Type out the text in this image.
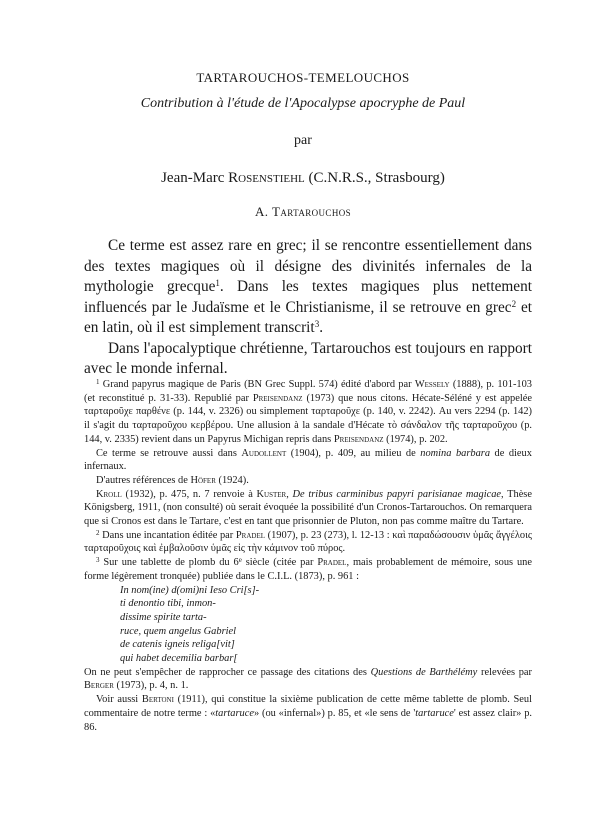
TARTAROUCHOS-TEMELOUCHOS
Contribution à l'étude de l'Apocalypse apocryphe de Paul
par
Jean-Marc Rosenstiehl (C.N.R.S., Strasbourg)
A. Tartarouchos

Ce terme est assez rare en grec; il se rencontre essentiellement dans des textes magiques où il désigne des divinités infernales de la mythologie grecque$^1$. Dans les textes magiques plus nettement influencés par le Judaïsme et le Christianisme, il se retrouve en grec$^2$ et en latin, où il est simplement transcrit$^3$.

Dans l'apocalyptique chrétienne, Tartarouchos est toujours en rapport avec le monde infernal.

$^1$ Grand papyrus magique de Paris (BN Grec Suppl. 574) édité d'abord par Wessely (1888), p. 101-103 (et reconstitué p. 31-33). Republié par Preisendanz (1973) que nous citons. Hécate-Séléné y est appelée ταρταροῦχε παρθένε (p. 144, v. 2326) ou simplement ταρταροῦχε (p. 140, v. 2242). Au vers 2294 (p. 142) il s'agit du ταρταροῦχου κερβέρου. Une allusion à la sandale d'Hécate τὸ σάνδαλον τῆς ταρταροῦχου (p. 144, v. 2335) revient dans un Papyrus Michigan repris dans Preisendanz (1974), p. 202.

Ce terme se retrouve aussi dans Audollent (1904), p. 409, au milieu de nomina barbara de dieux infernaux.

D'autres références de Höfer (1924).

Kroll (1932), p. 475, n. 7 renvoie à Kuster, De tribus carminibus papyri parisianae magicae, Thèse Königsberg, 1911, (non consulté) où serait évoquée la possibilité d'un Cronos-Tartarouchos. On remarquera que si Cronos est dans le Tartare, c'est en tant que prisonnier de Pluton, non pas comme maître du Tartare.

$^2$ Dans une incantation éditée par Pradel (1907), p. 23 (273), l. 12-13 : καὶ παραδώσουσιν ὑμᾶς ἄγγέλοις ταρταροῦχοις καὶ ἐμβαλοῦσιν ὑμᾶς εἰς τὴν κάμινον τοῦ πύρος.

$^3$ Sur une tablette de plomb du 6e siècle (citée par Pradel, mais probablement de mémoire, sous une forme légèrement tronquée) publiée dans le C.I.L. (1873), p. 961 :

In nom(ine) d(omi)ni Ieso Cri[s]-
ti denontio tibi, inmon-
dissime spirite tarta-
ruce, quem angelus Gabriel
de catenis igneis religa[vit]
qui habet decemilia barbar[

On ne peut s'empêcher de rapprocher ce passage des citations des Questions de Barthélémy relevées par Berger (1973), p. 4, n. 1.

Voir aussi Bertoni (1911), qui constitue la sixième publication de cette même tablette de plomb. Seul commentaire de notre terme : «tartaruce» (ou «infernal») p. 85, et «le sens de 'tartaruce' est assez clair» p. 86.
